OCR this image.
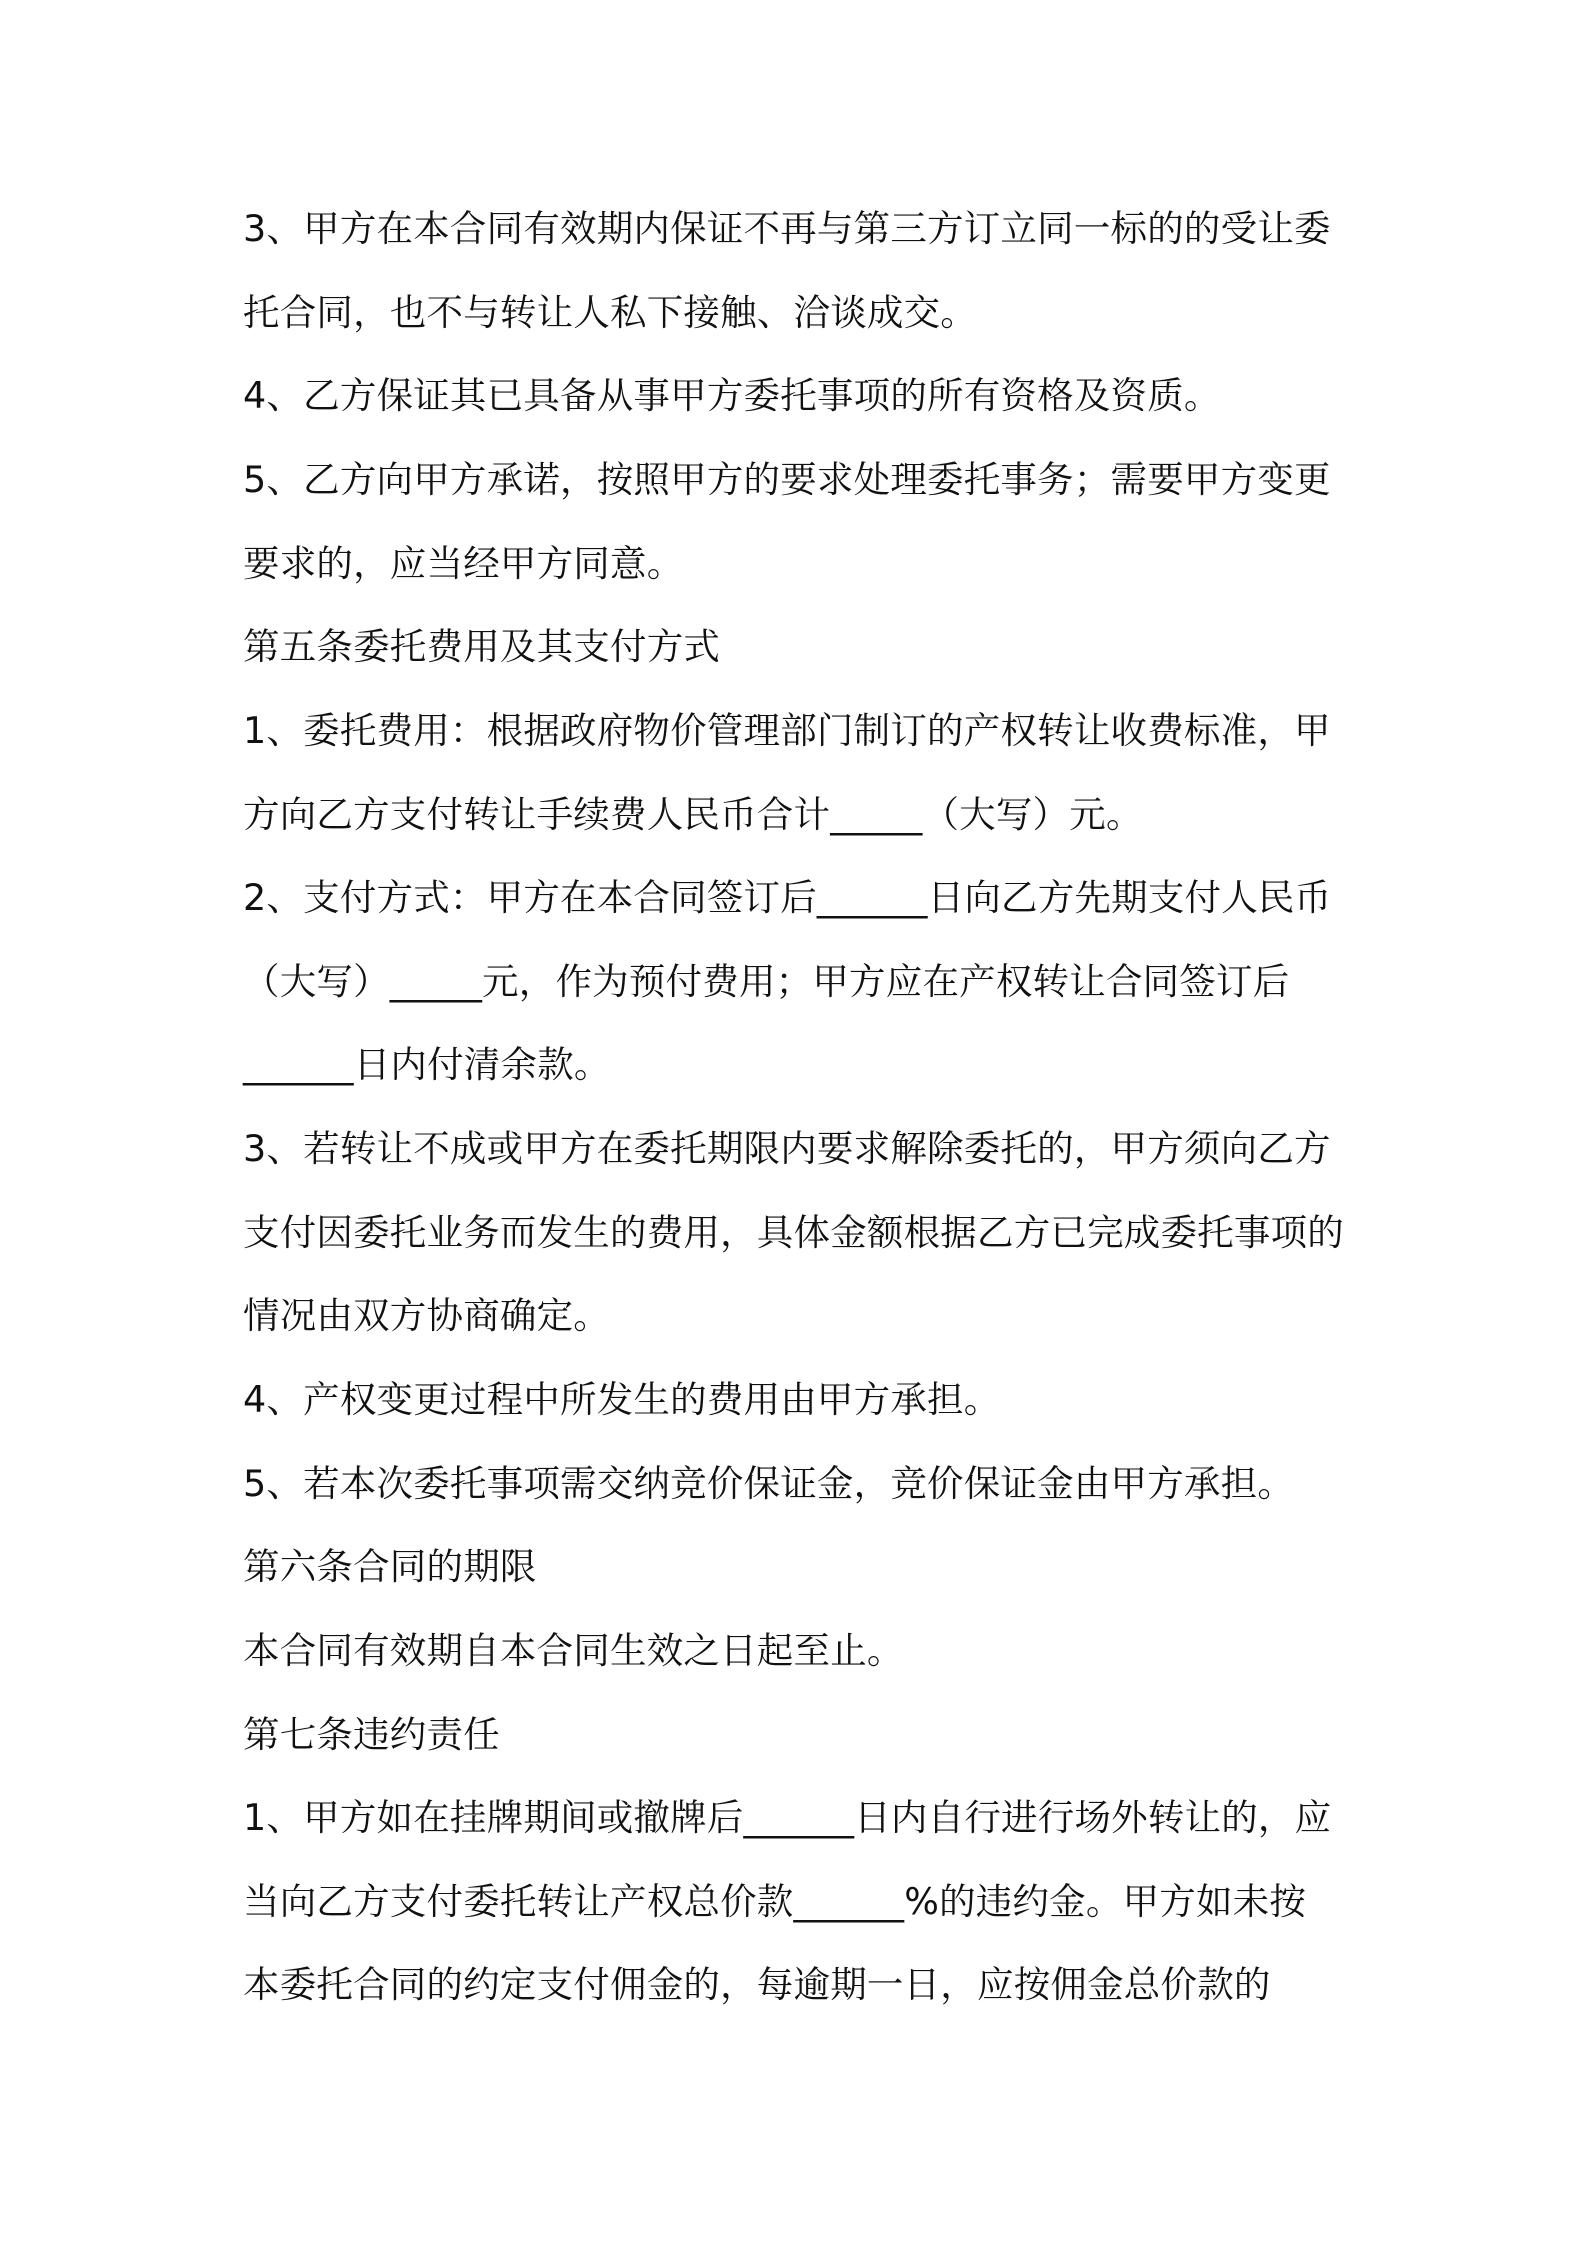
3、甲方在本合同有效期内保证不再与第三方订立同一标的的受让委

托合同，也不与转让人私下接触、洽谈成交。

4、乙方保证其已具备从事甲方委托事项的所有资格及资质。

5、乙方向甲方承诺，按照甲方的要求处理委托事务；需要甲方变更

要求的，应当经甲方同意。

第五条委托费用及其支付方式

1、委托费用：根据政府物价管理部门制订的产权转让收费标准，甲

方向乙方支付转让手续费人民币合计_____（大写）元。

2、支付方式：甲方在本合同签订后______日向乙方先期支付人民币

（大写）_____元，作为预付费用；甲方应在产权转让合同签订后

______日内付清余款。

3、若转让不成或甲方在委托期限内要求解除委托的，甲方须向乙方

支付因委托业务而发生的费用，具体金额根据乙方已完成委托事项的

情况由双方协商确定。

4、产权变更过程中所发生的费用由甲方承担。

5、若本次委托事项需交纳竞价保证金，竞价保证金由甲方承担。

第六条合同的期限

本合同有效期自本合同生效之日起至止。

第七条违约责任

1、甲方如在挂牌期间或撤牌后______日内自行进行场外转让的，应

当向乙方支付委托转让产权总价款______%的违约金。甲方如未按

本委托合同的约定支付佣金的，每逾期一日，应按佣金总价款的
